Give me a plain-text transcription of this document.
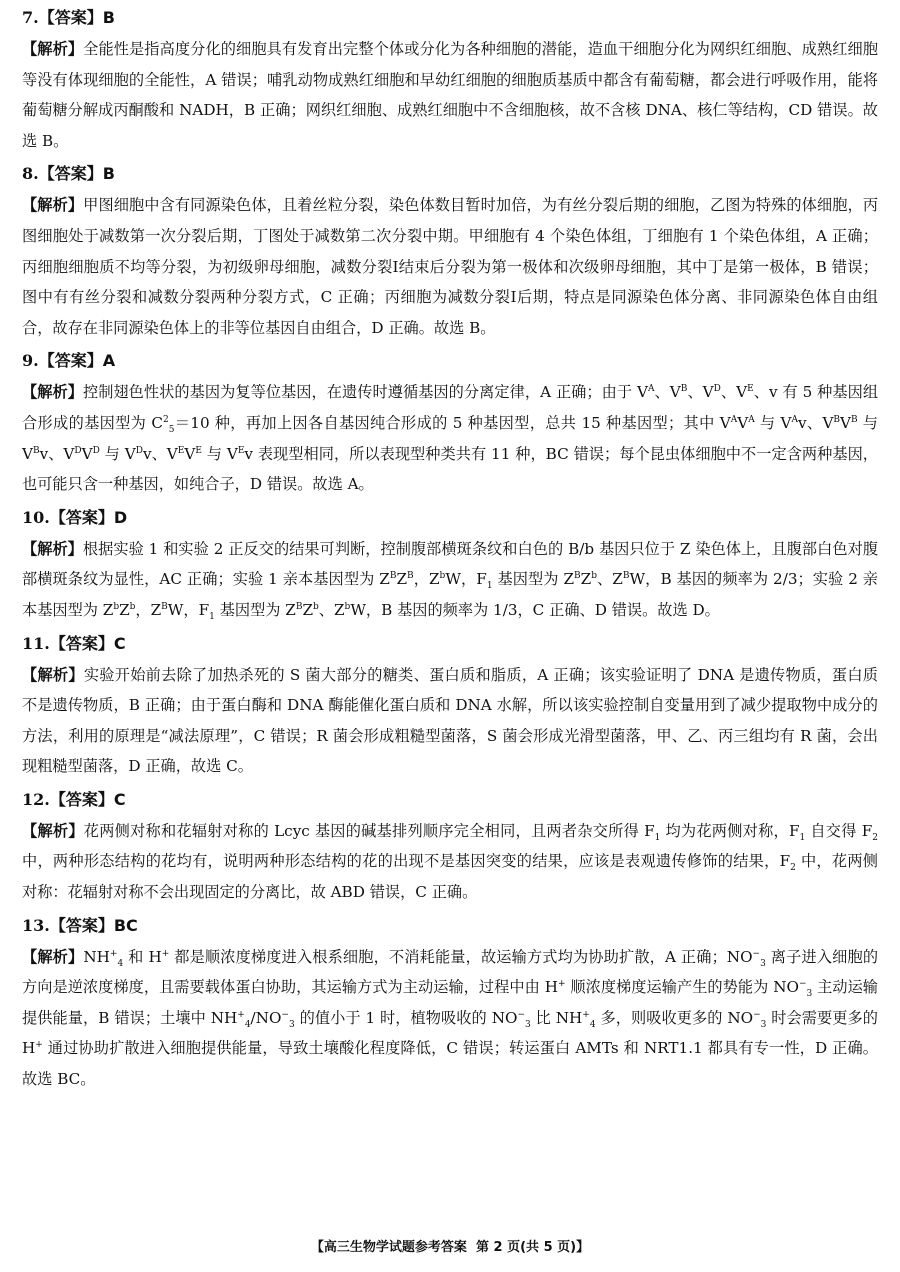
7.【答案】B
【解析】全能性是指高度分化的细胞具有发育出完整个体或分化为各种细胞的潜能，造血干细胞分化为网织红细胞、成熟红细胞等没有体现细胞的全能性，A 错误；哺乳动物成熟红细胞和早幼红细胞的细胞质基质中都含有葡萄糖，都会进行呼吸作用，能将葡萄糖分解成丙酮酸和 NADH，B 正确；网织红细胞、成熟红细胞中不含细胞核，故不含核 DNA、核仁等结构，CD 错误。故选 B。
8.【答案】B
【解析】甲图细胞中含有同源染色体，且着丝粒分裂，染色体数目暂时加倍，为有丝分裂后期的细胞，乙图为特殊的体细胞，丙图细胞处于减数第一次分裂后期，丁图处于减数第二次分裂中期。甲细胞有 4 个染色体组，丁细胞有 1 个染色体组，A 正确；丙细胞细胞质不均等分裂，为初级卵母细胞，减数分裂Ⅰ结束后分裂为第一极体和次级卵母细胞，其中丁是第一极体，B 错误；图中有有丝分裂和减数分裂两种分裂方式，C 正确；丙细胞为减数分裂Ⅰ后期，特点是同源染色体分离、非同源染色体自由组合，故存在非同源染色体上的非等位基因自由组合，D 正确。故选 B。
9.【答案】A
【解析】控制翅色性状的基因为复等位基因，在遗传时遵循基因的分离定律，A 正确；由于 $V^A$、$V^B$、$V^D$、$V^E$、v 有 5 种基因组合形成的基因型为 $C^2_5=10$ 种，再加上因各自基因纯合形成的 5 种基因型，总共 15 种基因型；其中 $V^AV^A$ 与 $V^Av$、$V^BV^B$ 与 $V^Bv$、$V^DV^D$ 与 $V^Dv$、$V^EV^E$ 与 $V^Ev$ 表现型相同，所以表现型种类共有 11 种，BC 错误；每个昆虫体细胞中不一定含两种基因，也可能只含一种基因，如纯合子，D 错误。故选 A。
10.【答案】D
【解析】根据实验 1 和实验 2 正反交的结果可判断，控制腹部横斑条纹和白色的 B/b 基因只位于 Z 染色体上，且腹部白色对腹部横斑条纹为显性，AC 正确；实验 1 亲本基因型为 $Z^BZ^B$，$Z^bW$，$F_1$ 基因型为 $Z^BZ^b$、$Z^BW$，B 基因的频率为 2/3；实验 2 亲本基因型为 $Z^bZ^b$，$Z^BW$，$F_1$ 基因型为 $Z^BZ^b$、$Z^bW$，B 基因的频率为 1/3，C 正确、D 错误。故选 D。
11.【答案】C
【解析】实验开始前去除了加热杀死的 S 菌大部分的糖类、蛋白质和脂质，A 正确；该实验证明了 DNA 是遗传物质，蛋白质不是遗传物质，B 正确；由于蛋白酶和 DNA 酶能催化蛋白质和 DNA 水解，所以该实验控制自变量用到了减少提取物中成分的方法，利用的原理是“减法原理”，C 错误；R 菌会形成粗糙型菌落，S 菌会形成光滑型菌落，甲、乙、丙三组均有 R 菌，会出现粗糙型菌落，D 正确，故选 C。
12.【答案】C
【解析】花两侧对称和花辐射对称的 Lcyc 基因的碱基排列顺序完全相同，且两者杂交所得 $F_1$ 均为花两侧对称，$F_1$ 自交得 $F_2$ 中，两种形态结构的花均有，说明两种形态结构的花的出现不是基因突变的结果，应该是表观遗传修饰的结果，$F_2$ 中，花两侧对称：花辐射对称不会出现固定的分离比，故 ABD 错误，C 正确。
13.【答案】BC
【解析】$NH^+_4$ 和 H+ 都是顺浓度梯度进入根系细胞，不消耗能量，故运输方式均为协助扩散，A 正确；$NO^-_3$ 离子进入细胞的方向是逆浓度梯度，且需要载体蛋白协助，其运输方式为主动运输，过程中由 H+ 顺浓度梯度运输产生的势能为 $NO^-_3$ 主动运输提供能量，B 错误；土壤中 $NH^+_4/NO^-_3$ 的值小于 1 时，植物吸收的 $NO^-_3$ 比 $NH^+_4$ 多，则吸收更多的 $NO^-_3$ 时会需要更多的 H+ 通过协助扩散进入细胞提供能量，导致土壤酸化程度降低，C 错误；转运蛋白 AMTs 和 NRT1.1 都具有专一性，D 正确。故选 BC。
【高三生物学试题参考答案 第 2 页(共 5 页)】
